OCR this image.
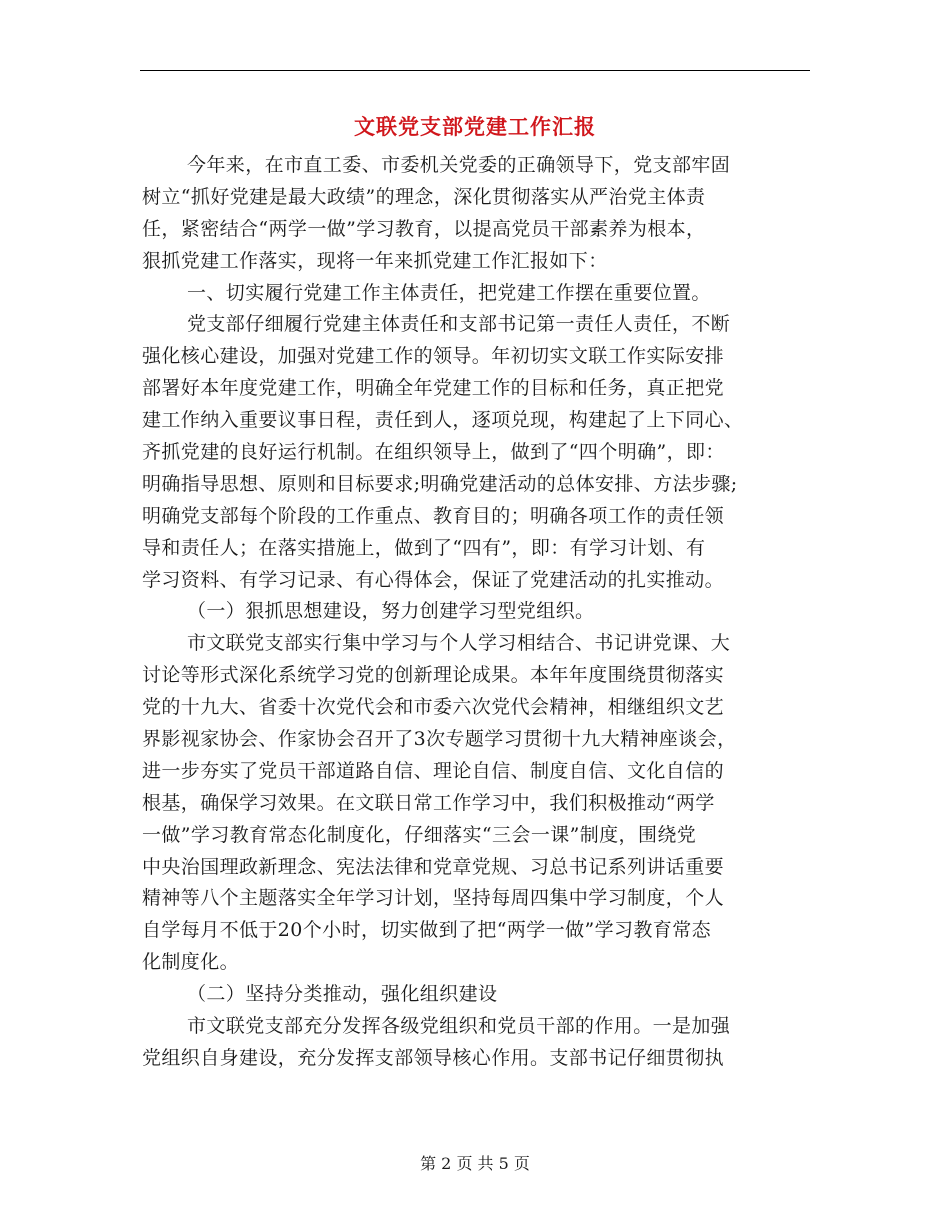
文联党支部党建工作汇报
今年来，在市直工委、市委机关党委的正确领导下，党支部牢固
树立“抓好党建是最大政绩”的理念，深化贯彻落实从严治党主体责
任，紧密结合“两学一做”学习教育，以提高党员干部素养为根本，
狠抓党建工作落实，现将一年来抓党建工作汇报如下：
一、切实履行党建工作主体责任，把党建工作摆在重要位置。
党支部仔细履行党建主体责任和支部书记第一责任人责任，不断
强化核心建设，加强对党建工作的领导。年初切实文联工作实际安排
部署好本年度党建工作，明确全年党建工作的目标和任务，真正把党
建工作纳入重要议事日程，责任到人，逐项兑现，构建起了上下同心、
齐抓党建的良好运行机制。在组织领导上，做到了“四个明确”，即：
明确指导思想、原则和目标要求;明确党建活动的总体安排、方法步骤;
明确党支部每个阶段的工作重点、教育目的；明确各项工作的责任领
导和责任人；在落实措施上，做到了“四有”，即：有学习计划、有
学习资料、有学习记录、有心得体会，保证了党建活动的扎实推动。
（一）狠抓思想建设，努力创建学习型党组织。
市文联党支部实行集中学习与个人学习相结合、书记讲党课、大
讨论等形式深化系统学习党的创新理论成果。本年年度围绕贯彻落实
党的十九大、省委十次党代会和市委六次党代会精神，相继组织文艺
界影视家协会、作家协会召开了3次专题学习贯彻十九大精神座谈会，
进一步夯实了党员干部道路自信、理论自信、制度自信、文化自信的
根基，确保学习效果。在文联日常工作学习中，我们积极推动“两学
一做”学习教育常态化制度化，仔细落实“三会一课”制度，围绕党
中央治国理政新理念、宪法法律和党章党规、习总书记系列讲话重要
精神等八个主题落实全年学习计划，坚持每周四集中学习制度，个人
自学每月不低于20个小时，切实做到了把“两学一做”学习教育常态
化制度化。
（二）坚持分类推动，强化组织建设
市文联党支部充分发挥各级党组织和党员干部的作用。一是加强
党组织自身建设，充分发挥支部领导核心作用。支部书记仔细贯彻执
第 2 页 共 5 页
